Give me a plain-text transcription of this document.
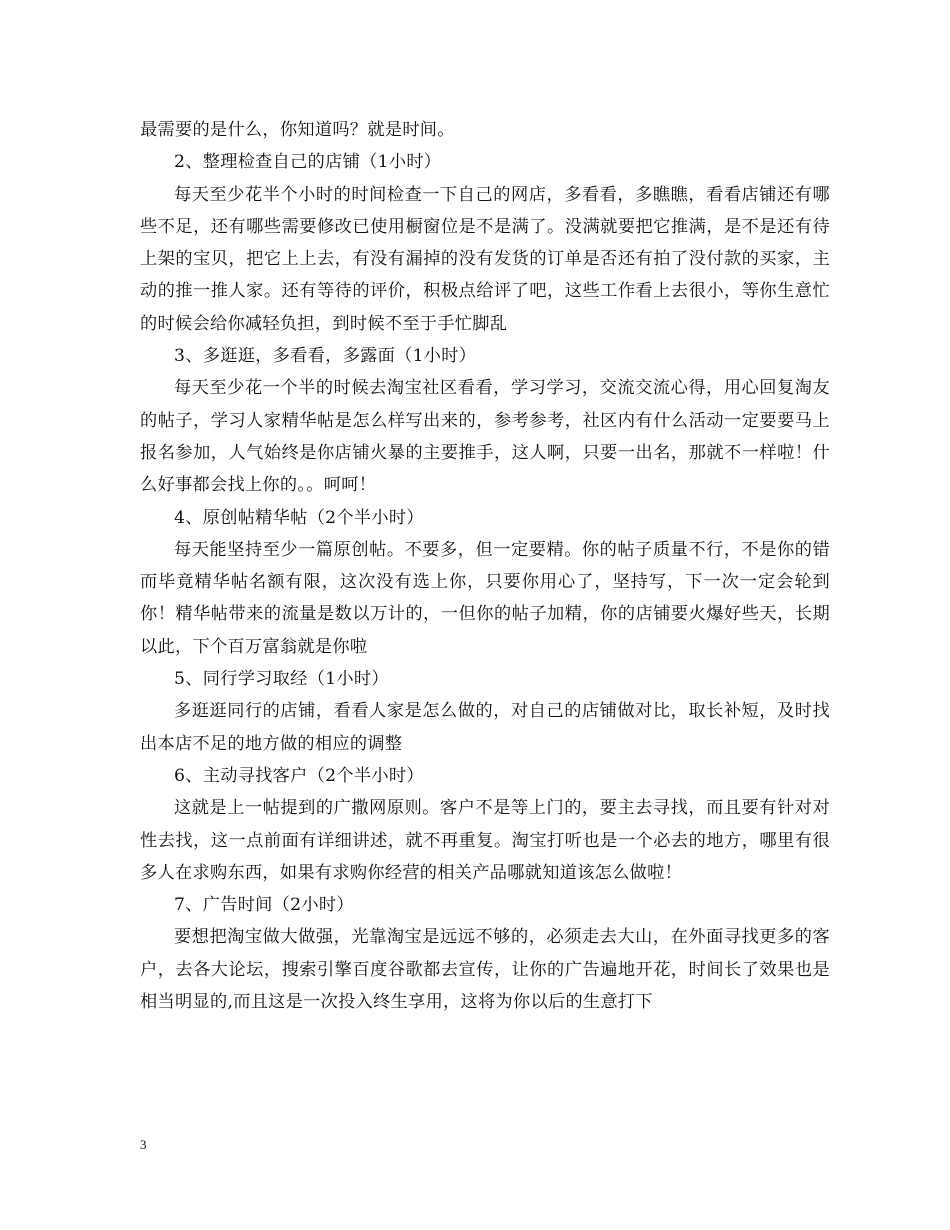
最需要的是什么，你知道吗？就是时间。

2、整理检查自己的店铺（1小时）

每天至少花半个小时的时间检查一下自己的网店，多看看，多瞧瞧，看看店铺还有哪些不足，还有哪些需要修改已使用橱窗位是不是满了。没满就要把它推满，是不是还有待上架的宝贝，把它上上去，有没有漏掉的没有发货的订单是否还有拍了没付款的买家，主动的推一推人家。还有等待的评价，积极点给评了吧，这些工作看上去很小，等你生意忙的时候会给你减轻负担，到时候不至于手忙脚乱

3、多逛逛，多看看，多露面（1小时）

每天至少花一个半的时候去淘宝社区看看，学习学习，交流交流心得，用心回复淘友的帖子，学习人家精华帖是怎么样写出来的，参考参考，社区内有什么活动一定要要马上报名参加，人气始终是你店铺火暴的主要推手，这人啊，只要一出名，那就不一样啦！什么好事都会找上你的。。呵呵！

4、原创帖精华帖（2个半小时）

每天能坚持至少一篇原创帖。不要多，但一定要精。你的帖子质量不行，不是你的错而毕竟精华帖名额有限，这次没有选上你，只要你用心了，坚持写，下一次一定会轮到你！精华帖带来的流量是数以万计的，一但你的帖子加精，你的店铺要火爆好些天，长期以此，下个百万富翁就是你啦

5、同行学习取经（1小时）

多逛逛同行的店铺，看看人家是怎么做的，对自己的店铺做对比，取长补短，及时找出本店不足的地方做的相应的调整

6、主动寻找客户（2个半小时）

这就是上一帖提到的广撒网原则。客户不是等上门的，要主去寻找，而且要有针对对性去找，这一点前面有详细讲述，就不再重复。淘宝打听也是一个必去的地方，哪里有很多人在求购东西，如果有求购你经营的相关产品哪就知道该怎么做啦！

7、广告时间（2小时）

要想把淘宝做大做强，光靠淘宝是远远不够的，必须走去大山，在外面寻找更多的客户，去各大论坛，搜索引擎百度谷歌都去宣传，让你的广告遍地开花，时间长了效果也是相当明显的,而且这是一次投入终生享用，这将为你以后的生意打下

3
